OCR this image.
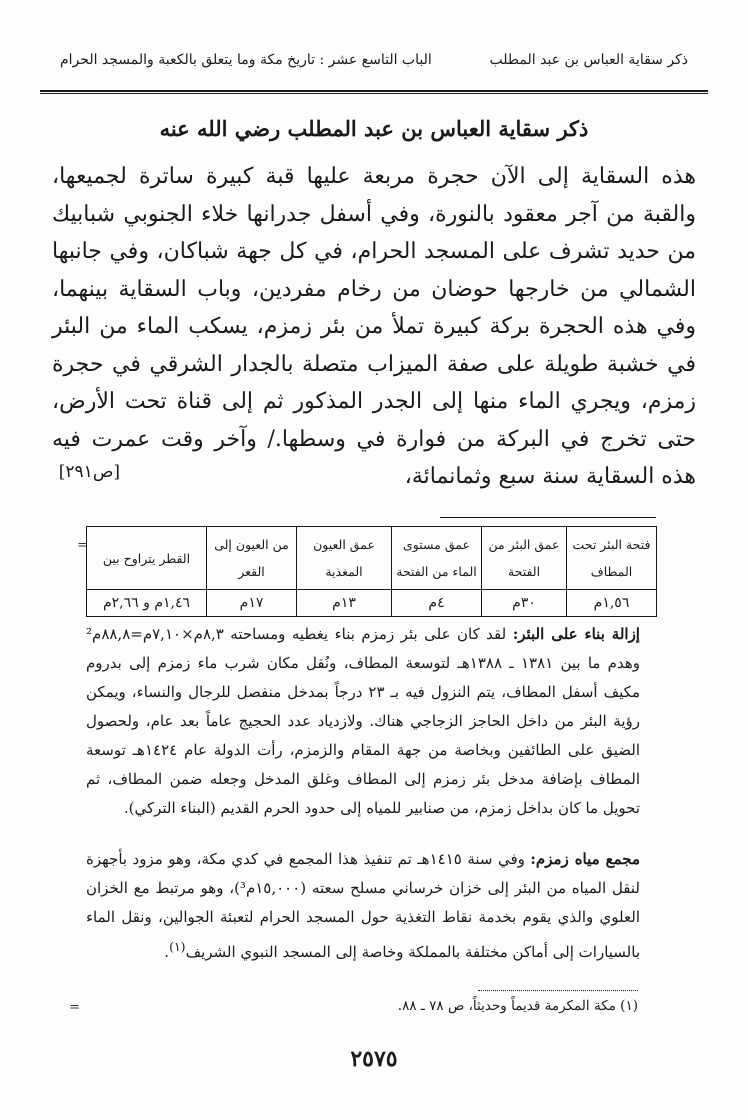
ذكر سقاية العباس بن عبد المطلب
الباب التاسع عشر : تاريخ مكة وما يتعلق بالكعبة والمسجد الحرام
ذكر سقاية العباس بن عبد المطلب رضي الله عنه

هذه السقاية إلى الآن حجرة مربعة عليها قبة كبيرة ساترة لجميعها، والقبة من آجر معقود بالنورة، وفي أسفل جدرانها خلاء الجنوبي شبابيك من حديد تشرف على المسجد الحرام، في كل جهة شباكان، وفي جانبها الشمالي من خارجها حوضان من رخام مفردين، وباب السقاية بينهما، وفي هذه الحجرة بركة كبيرة تملأ من بئر زمزم، يسكب الماء من البئر في خشبة طويلة على صفة الميزاب متصلة بالجدار الشرقي في حجرة زمزم، ويجري الماء منها إلى الجدر المذكور ثم إلى قناة تحت الأرض، حتى تخرج في البركة من فوارة في وسطها./ وآخر وقت عمرت فيه هذه السقاية سنة سبع وثمانمائة،

[ص٢٩١]
فتحة البئر تحت المطاف	عمق البئر من الفتحة	عمق مستوى الماء من الفتحة	عمق العيون المغذية	من العيون إلى القعر	القطر يتراوح بين
١,٥٦م	٣٠م	٤م	١٣م	١٧م	١,٤٦م و ٢,٦٦م
=

إزالة بناء على البئر: لقد كان على بئر زمزم بناء يغطيه ومساحته ٨,٣م×٧,١٠م=٨٨,٨م² وهدم ما بين ١٣٨١ ـ ١٣٨٨هـ لتوسعة المطاف، ونُقل مكان شرب ماء زمزم إلى بدروم مكيف أسفل المطاف، يتم النزول فيه بـ ٢٣ درجاً بمدخل منفصل للرجال والنساء، ويمكن رؤية البئر من داخل الحاجز الزجاجي هناك. ولازدياد عدد الحجيج عاماً بعد عام، ولحصول الضيق على الطائفين وبخاصة من جهة المقام والزمزم، رأت الدولة عام ١٤٢٤هـ توسعة المطاف بإضافة مدخل بئر زمزم إلى المطاف وغلق المدخل وجعله ضمن المطاف، ثم تحويل ما كان بداخل زمزم، من صنابير للمياه إلى حدود الحرم القديم (البناء التركي).

مجمع مياه زمزم: وفي سنة ١٤١٥هـ تم تنفيذ هذا المجمع في كدي مكة، وهو مزود بأجهزة لنقل المياه من البئر إلى خزان خرساني مسلح سعته (١٥,٠٠٠م³)، وهو مرتبط مع الخزان العلوي والذي يقوم بخدمة نقاط التغذية حول المسجد الحرام لتعبئة الجوالين، ونقل الماء بالسيارات إلى أماكن مختلفة بالمملكة وخاصة إلى المسجد النبوي الشريف$^{(١)}$.

=	(١) مكة المكرمة قديماً وحديثاً، ص ٧٨ ـ ٨٨.
٢٥٧٥
